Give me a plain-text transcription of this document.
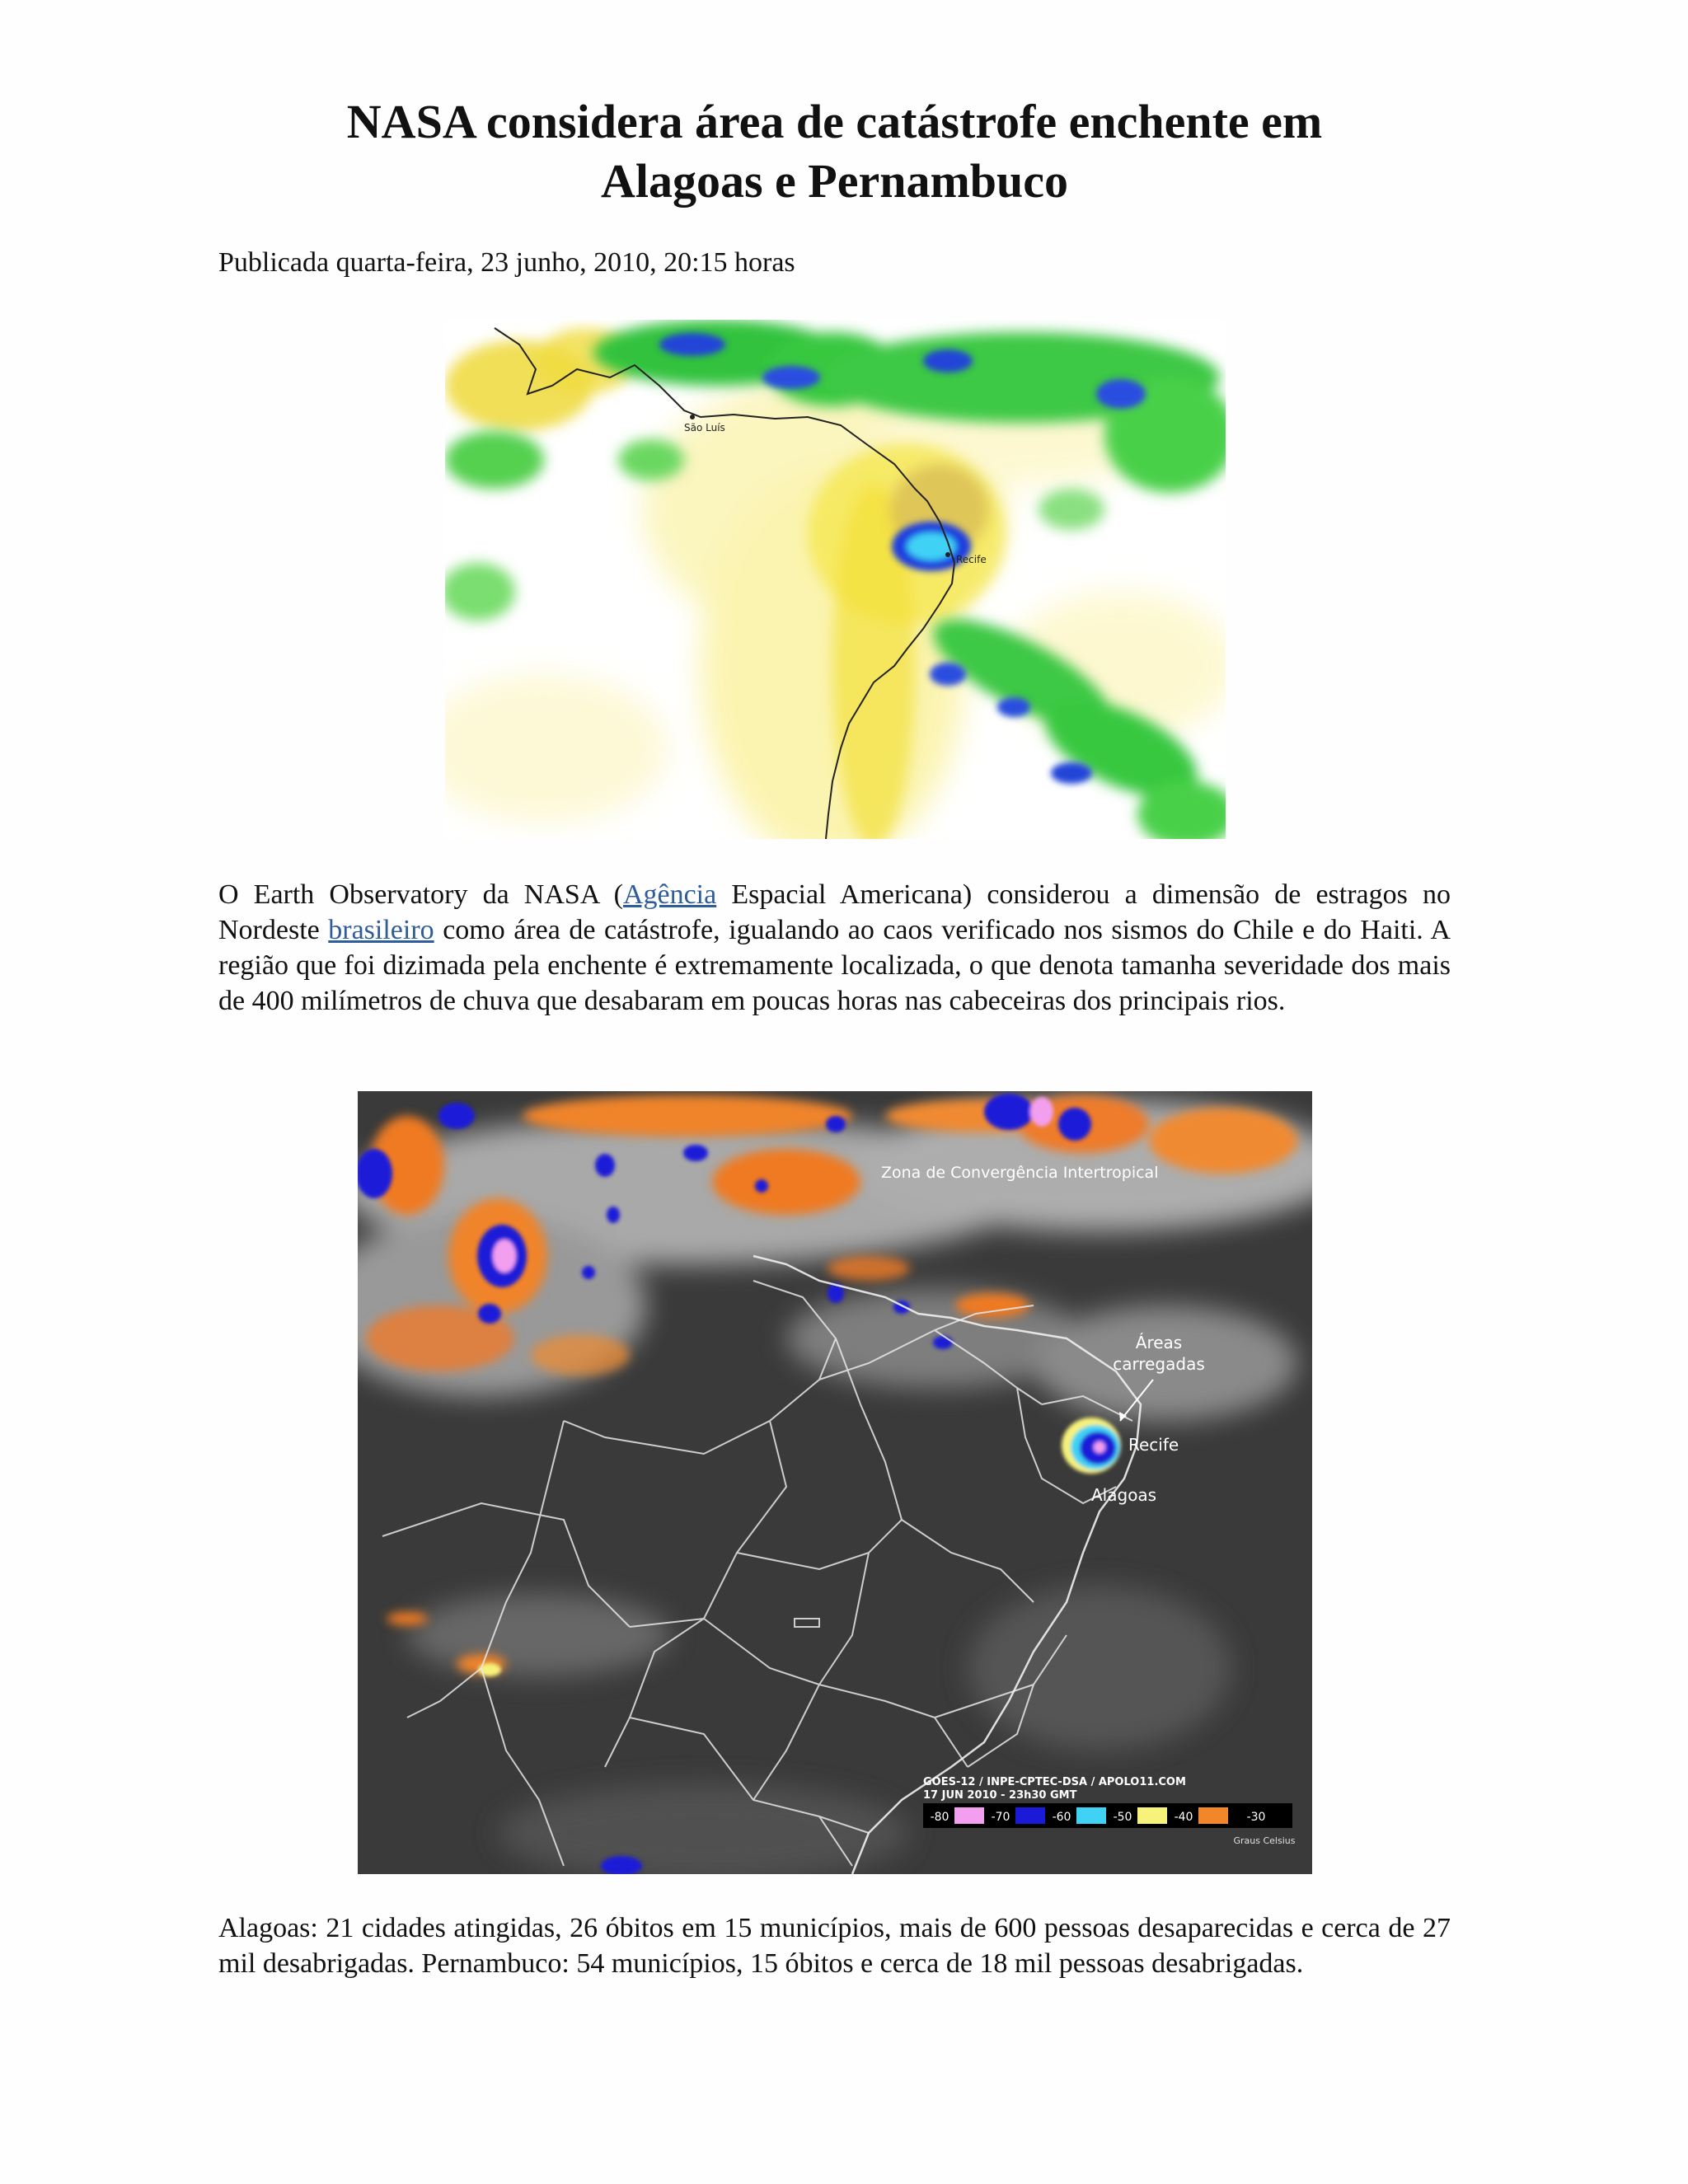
NASA considera área de catástrofe enchente em
Alagoas e Pernambuco

Publicada quarta-feira, 23 junho, 2010, 20:15 horas

São Luís
Recife

O Earth Observatory da NASA (Agência Espacial Americana) considerou a dimensão de estragos no Nordeste brasileiro como área de catástrofe, igualando ao caos verificado nos sismos do Chile e do Haiti. A região que foi dizimada pela enchente é extremamente localizada, o que denota tamanha severidade dos mais de 400 milímetros de chuva que desabaram em poucas horas nas cabeceiras dos principais rios.

Zona de Convergência Intertropical
Áreas
carregadas
Recife
Alagoas
GOES-12 / INPE-CPTEC-DSA / APOLO11.COM
17 JUN 2010 - 23h30 GMT
-80	-70	-60	-50	-40	-30
Graus Celsius

Alagoas: 21 cidades atingidas, 26 óbitos em 15 municípios, mais de 600 pessoas desaparecidas e cerca de 27 mil desabrigadas. Pernambuco: 54 municípios, 15 óbitos e cerca de 18 mil pessoas desabrigadas.
